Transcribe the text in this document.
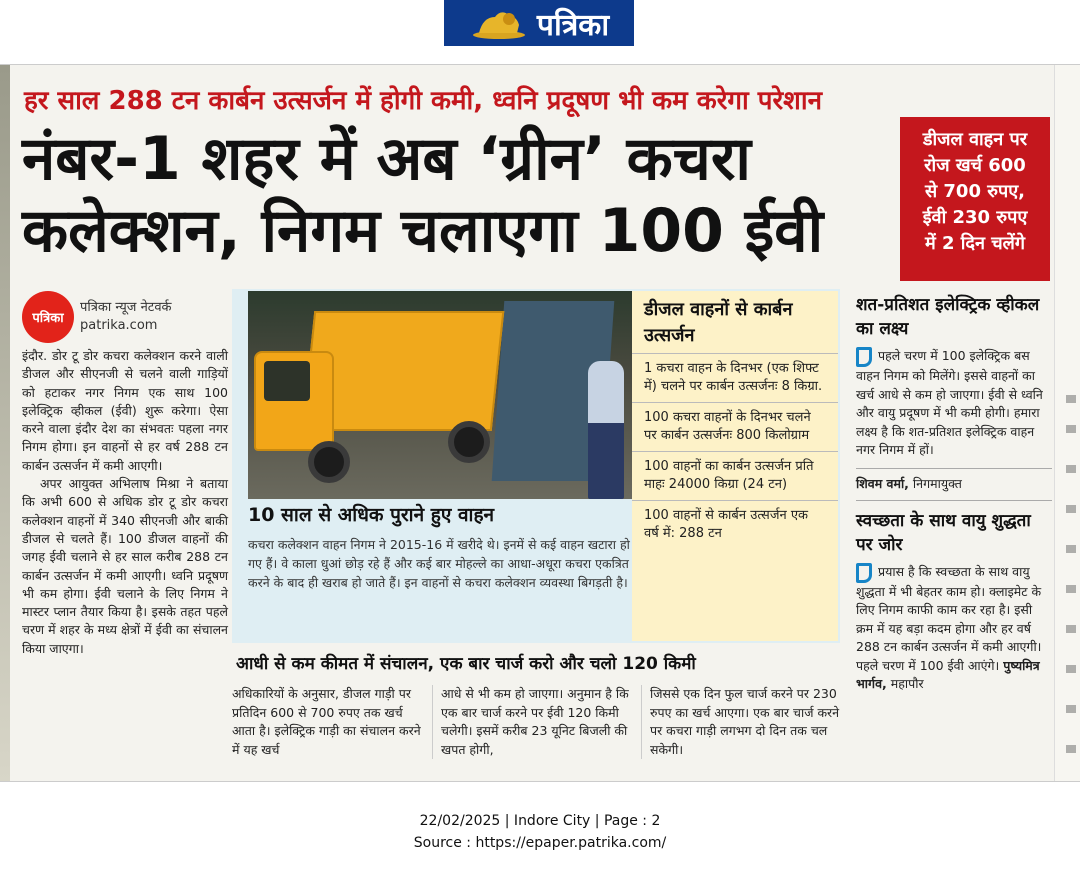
पत्रिका
हर साल 288 टन कार्बन उत्सर्जन में होगी कमी, ध्वनि प्रदूषण भी कम करेगा परेशान
नंबर-1 शहर में अब ‘ग्रीन’ कचरा
कलेक्शन, निगम चलाएगा 100 ईवी
डीजल वाहन पर
रोज खर्च 600
से 700 रुपए,
ईवी 230 रुपए
में 2 दिन चलेंगे
पत्रिका
पत्रिका न्यूज नेटवर्क
patrika.com

इंदौर. डोर टू डोर कचरा कलेक्शन करने वाली डीजल और सीएनजी से चलने वाली गाड़ियों को हटाकर नगर निगम एक साथ 100 इलेक्ट्रिक व्हीकल (ईवी) शुरू करेगा। ऐसा करने वाला इंदौर देश का संभवतः पहला नगर निगम होगा। इन वाहनों से हर वर्ष 288 टन कार्बन उत्सर्जन में कमी आएगी।

अपर आयुक्त अभिलाष मिश्रा ने बताया कि अभी 600 से अधिक डोर टू डोर कचरा कलेक्शन वाहनों में 340 सीएनजी और बाकी डीजल से चलते हैं। 100 डीजल वाहनों की जगह ईवी चलाने से हर साल करीब 288 टन कार्बन उत्सर्जन में कमी आएगी। ध्वनि प्रदूषण भी कम होगा। ईवी चलाने के लिए निगम ने मास्टर प्लान तैयार किया है। इसके तहत पहले चरण में शहर के मध्य क्षेत्रों में ईवी का संचालन किया जाएगा।

10 साल से अधिक पुराने हुए वाहन
कचरा कलेक्शन वाहन निगम ने 2015-16 में खरीदे थे। इनमें से कई वाहन खटारा हो गए हैं। वे काला धुआं छोड़ रहे हैं और कई बार मोहल्ले का आधा-अधूरा कचरा एकत्रित करने के बाद ही खराब हो जाते हैं। इन वाहनों से कचरा कलेक्शन व्यवस्था बिगड़ती है।
डीजल वाहनों से कार्बन उत्सर्जन
1 कचरा वाहन के दिनभर (एक शिफ्ट में) चलने पर कार्बन उत्सर्जनः 8 किग्रा.
100 कचरा वाहनों के दिनभर चलने पर कार्बन उत्सर्जनः 800 किलोग्राम
100 वाहनों का कार्बन उत्सर्जन प्रति माहः 24000 किग्रा (24 टन)
100 वाहनों से कार्बन उत्सर्जन एक वर्ष में: 288 टन
आधी से कम कीमत में संचालन, एक बार चार्ज करो और चलो 120 किमी
अधिकारियों के अनुसार, डीजल गाड़ी पर प्रतिदिन 600 से 700 रुपए तक खर्च आता है। इलेक्ट्रिक गाड़ी का संचालन करने में यह खर्च
आधे से भी कम हो जाएगा। अनुमान है कि एक बार चार्ज करने पर ईवी 120 किमी चलेगी। इसमें करीब 23 यूनिट बिजली की खपत होगी,
जिससे एक दिन फुल चार्ज करने पर 230 रुपए का खर्च आएगा। एक बार चार्ज करने पर कचरा गाड़ी लगभग दो दिन तक चल सकेगी।
शत-प्रतिशत इलेक्ट्रिक व्हीकल का लक्ष्य
पहले चरण में 100 इलेक्ट्रिक बस वाहन निगम को मिलेंगे। इससे वाहनों का खर्च आधे से कम हो जाएगा। ईवी से ध्वनि और वायु प्रदूषण में भी कमी होगी। हमारा लक्ष्य है कि शत-प्रतिशत इलेक्ट्रिक वाहन नगर निगम में हों।
शिवम वर्मा, निगमायुक्त
स्वच्छता के साथ वायु शुद्धता पर जोर
प्रयास है कि स्वच्छता के साथ वायु शुद्धता में भी बेहतर काम हो। क्लाइमेट के लिए निगम काफी काम कर रहा है। इसी क्रम में यह बड़ा कदम होगा और हर वर्ष 288 टन कार्बन उत्सर्जन में कमी आएगी। पहले चरण में 100 ईवी आएंगे। पुष्यमित्र भार्गव, महापौर
22/02/2025 | Indore City | Page : 2
Source : https://epaper.patrika.com/
